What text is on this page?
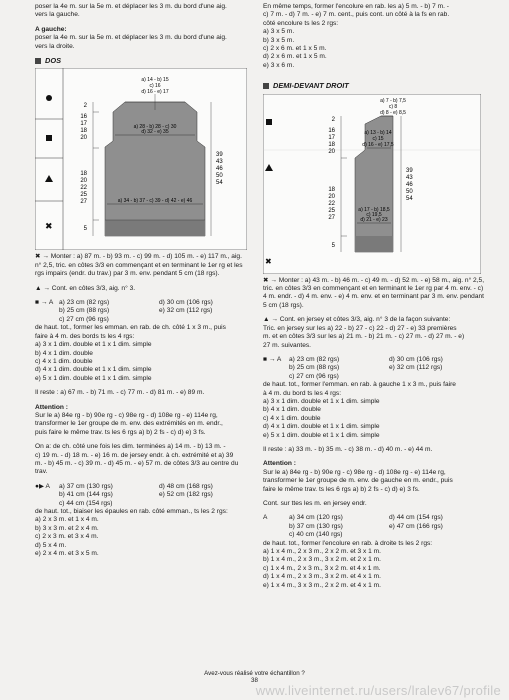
poser la 4e m. sur la 5e m. et déplacer les 3 m. du bord d'une aig.

vers la gauche.

A gauche:

poser la 4e m. sur la 5e m. et déplacer les 3 m. du bord d'une aig.

vers la droite.

DOS
✖
a) 14 - b) 15
c) 16
d) 16 - e) 17
a) 28 - b) 28 - c) 30
d) 32 - e) 35
a) 34 - b) 37 - c) 39 - d) 42 - e) 46
2
16
17
18
20
18
20
22
25
27
5
39
43
46
50
54

✖ → Monter : a) 87 m. - b) 93 m. - c) 99 m. - d) 105 m. - e) 117 m., aig. n° 2,5, tric. en côtes 3/3 en commençant et en terminant le 1er rg et les rgs impairs (endr. du trav.) par 3 m. env. pendant 5 cm (18 rgs).

▲ → Cont. en côtes 3/3, aig. n° 3.

■ → A a) 23 cm (82 rgs)	d) 30 cm (106 rgs)
b) 25 cm (88 rgs)	e) 32 cm (112 rgs)
c) 27 cm (96 rgs)

de haut. tot., former les emman. en rab. de ch. côté 1 x 3 m., puis

faire à 4 m. des bords ts les 4 rgs:

a) 3 x 1 dim. double et 1 x 1 dim. simple

b) 4 x 1 dim. double

c) 4 x 1 dim. double

d) 4 x 1 dim. double et 1 x 1 dim. simple

e) 5 x 1 dim. double et 1 x 1 dim. simple

Il reste : a) 67 m. - b) 71 m. - c) 77 m. - d) 81 m. - e) 89 m.

Attention :

Sur le a) 84e rg - b) 90e rg - c) 98e rg - d) 108e rg - e) 114e rg,

transformer le 1er groupe de m. env. des extrémités en m. endr.,

puis faire le même trav. ts les 6 rgs a) b) 2 fs - c) d) e) 3 fs.

On a: de ch. côté une fois les dim. terminées a) 14 m. - b) 13 m. -

c) 19 m. - d) 18 m. - e) 16 m. de jersey endr. à ch. extrémité et a) 39

m. - b) 45 m. - c) 39 m. - d) 45 m. - e) 57 m. de côtes 3/3 au centre du

trav.

●▶ A	a) 37 cm (130 rgs)	d) 48 cm (168 rgs)
b) 41 cm (144 rgs)	e) 52 cm (182 rgs)
c) 44 cm (154 rgs)

de haut. tot., biaiser les épaules en rab. côté emman., ts les 2 rgs:

a) 2 x 3 m. et 1 x 4 m.

b) 3 x 3 m. et 2 x 4 m.

c) 2 x 3 m. et 3 x 4 m.

d) 5 x 4 m.

e) 2 x 4 m. et 3 x 5 m.

En même temps, former l'encolure en rab. les a) 5 m. - b) 7 m. -

c) 7 m. - d) 7 m. - e) 7 m. cent., puis cont. un côté à la fs en rab.

côté encolure ts les 2 rgs:

a) 3 x 5 m.

b) 3 x 5 m.

c) 2 x 6 m. et 1 x 5 m.

d) 2 x 6 m. et 1 x 5 m.

e) 3 x 6 m.

DEMI-DEVANT DROIT
✖
a) 7 - b) 7,5
c) 8
d) 8 - e) 8,5
a) 13 - b) 14
c) 15
d) 16 - e) 17,5
a) 17 - b) 18,5
c) 19,5
d) 21 - e) 23
2
16
17
18
20
18
20
22
25
27
5
39
43
46
50
54

✖ → Monter : a) 43 m. - b) 46 m. - c) 49 m. - d) 52 m. - e) 58 m., aig. n° 2,5, tric. en côtes 3/3 en commençant et en terminant le 1er rg par 4 m. env. - c) 4 m. endr. - d) 4 m. env. - e) 4 m. env. et en terminant par 3 m. env. pendant 5 cm (18 rgs).

▲ → Cont. en jersey et côtes 3/3, aig. n° 3 de la façon suivante:

Tric. en jersey sur les a) 22 - b) 27 - c) 22 - d) 27 - e) 33 premières

m. et en côtes 3/3 sur les a) 21 m. - b) 21 m. - c) 27 m. - d) 27 m. - e)

27 m. suivantes.

■ → A	a) 23 cm (82 rgs)	d) 30 cm (106 rgs)
b) 25 cm (88 rgs)	e) 32 cm (112 rgs)
c) 27 cm (96 rgs)

de haut. tot., former l'emman. en rab. à gauche 1 x 3 m., puis faire

à 4 m. du bord ts les 4 rgs:

a) 3 x 1 dim. double et 1 x 1 dim. simple

b) 4 x 1 dim. double

c) 4 x 1 dim. double

d) 4 x 1 dim. double et 1 x 1 dim. simple

e) 5 x 1 dim. double et 1 x 1 dim. simple

Il reste : a) 33 m. - b) 35 m. - c) 38 m. - d) 40 m. - e) 44 m.

Attention :

Sur le a) 84e rg - b) 90e rg - c) 98e rg - d) 108e rg - e) 114e rg,

transformer le 1er groupe de m. env. de gauche en m. endr., puis

faire le même trav. ts les 6 rgs a) b) 2 fs - c) d) e) 3 fs.

Cont. sur ttes les m. en jersey endr.

A	a) 34 cm (120 rgs)	d) 44 cm (154 rgs)
b) 37 cm (130 rgs)	e) 47 cm (166 rgs)
c) 40 cm (140 rgs)

de haut. tot., former l'encolure en rab. à droite ts les 2 rgs:

a) 1 x 4 m., 2 x 3 m., 2 x 2 m. et 3 x 1 m.

b) 1 x 4 m., 2 x 3 m., 3 x 2 m. et 2 x 1 m.

c) 1 x 4 m., 2 x 3 m., 3 x 2 m. et 4 x 1 m.

d) 1 x 4 m., 2 x 3 m., 3 x 2 m. et 4 x 1 m.

e) 1 x 4 m., 3 x 3 m., 2 x 2 m. et 4 x 1 m.

Avez-vous réalisé votre échantillon ?
38
www.liveinternet.ru/users/lralev67/profile
